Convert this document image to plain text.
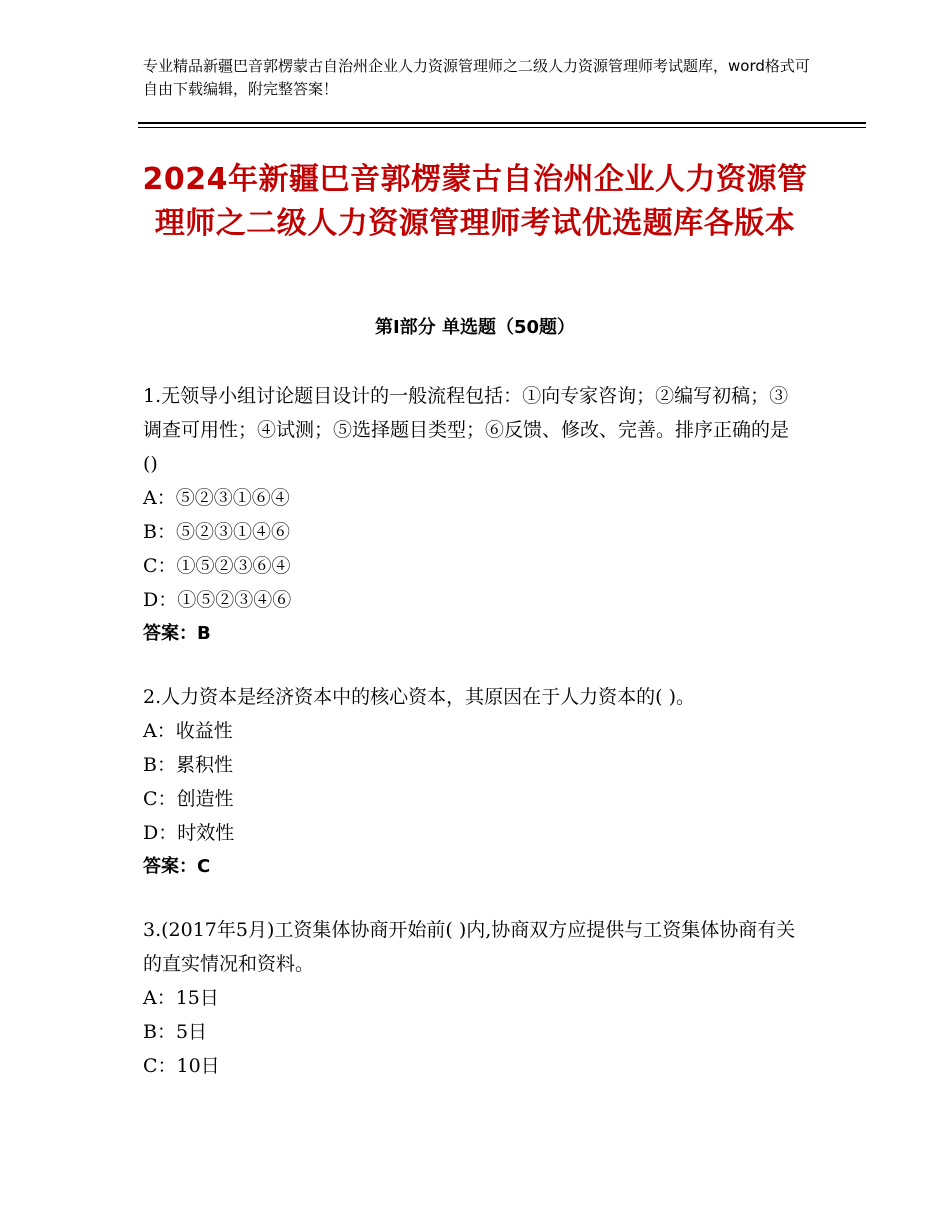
专业精品新疆巴音郭楞蒙古自治州企业人力资源管理师之二级人力资源管理师考试题库，word格式可自由下载编辑，附完整答案！
2024年新疆巴音郭楞蒙古自治州企业人力资源管理师之二级人力资源管理师考试优选题库各版本
第Ⅰ部分 单选题（50题）

1.无领导小组讨论题目设计的一般流程包括：①向专家咨询；②编写初稿；③调查可用性；④试测；⑤选择题目类型；⑥反馈、修改、完善。排序正确的是()

A：⑤②③①⑥④

B：⑤②③①④⑥

C：①⑤②③⑥④

D：①⑤②③④⑥

答案：B

2.人力资本是经济资本中的核心资本，其原因在于人力资本的( )。

A：收益性

B：累积性

C：创造性

D：时效性

答案：C

3.(2017年5月)工资集体协商开始前( )内,协商双方应提供与工资集体协商有关的直实情况和资料。

A：15日

B：5日

C：10日
